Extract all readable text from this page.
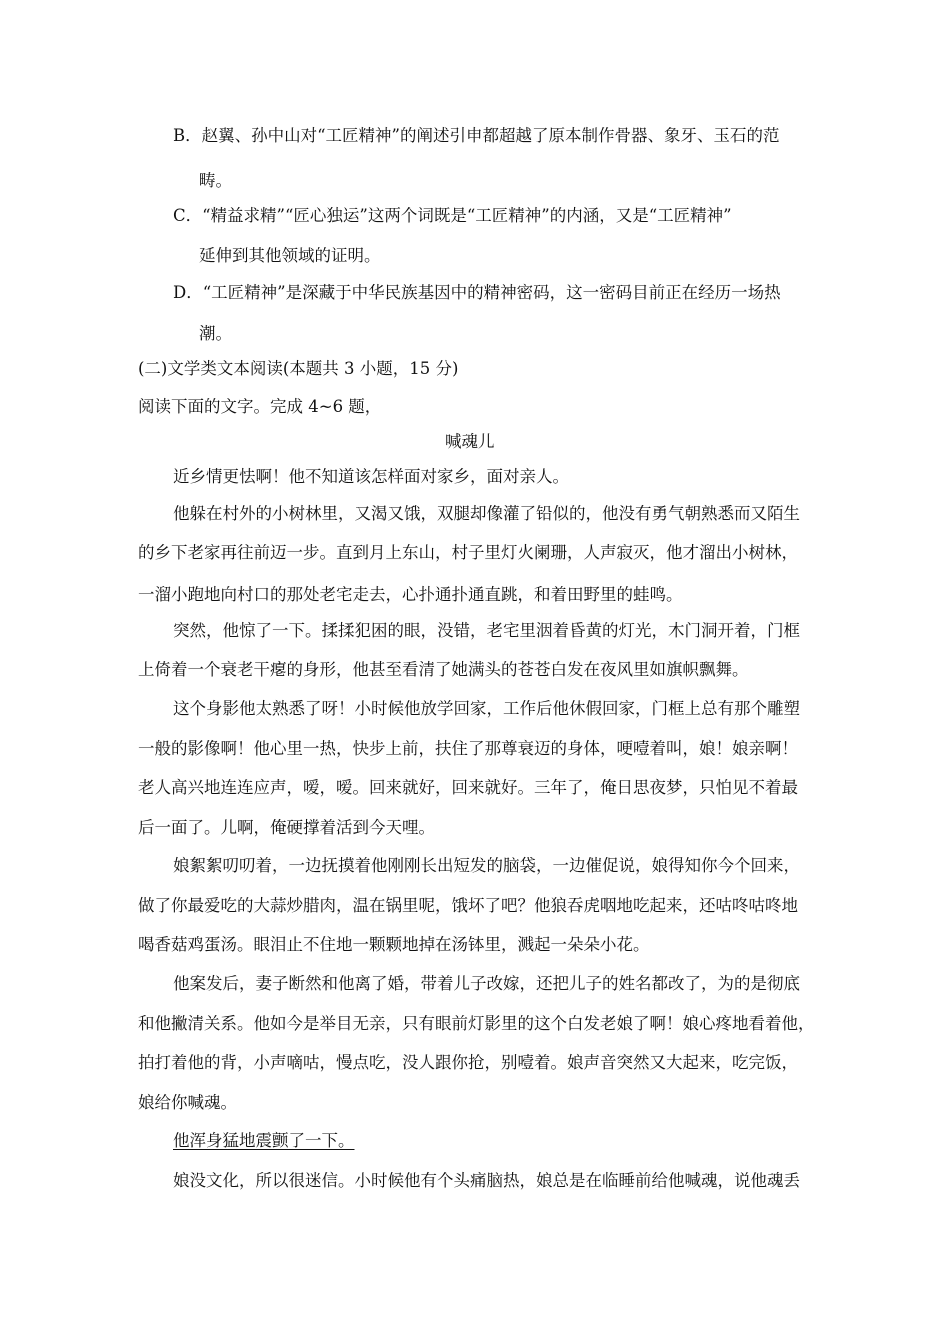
B．赵翼、孙中山对“工匠精神”的阐述引申都超越了原本制作骨器、象牙、玉石的范
畴。
C．“精益求精”“匠心独运”这两个词既是“工匠精神”的内涵，又是“工匠精神”
延伸到其他领域的证明。
D．“工匠精神”是深藏于中华民族基因中的精神密码，这一密码目前正在经历一场热
潮。
(二)文学类文本阅读(本题共 3 小题，15 分)
阅读下面的文字。完成 4~6 题，
喊魂儿
近乡情更怯啊！他不知道该怎样面对家乡，面对亲人。
他躲在村外的小树林里，又渴又饿，双腿却像灌了铅似的，他没有勇气朝熟悉而又陌生
的乡下老家再往前迈一步。直到月上东山，村子里灯火阑珊，人声寂灭，他才溜出小树林，
一溜小跑地向村口的那处老宅走去，心扑通扑通直跳，和着田野里的蛙鸣。
突然，他惊了一下。揉揉犯困的眼，没错，老宅里洇着昏黄的灯光，木门洞开着，门框
上倚着一个衰老干瘪的身形，他甚至看清了她满头的苍苍白发在夜风里如旗帜飘舞。
这个身影他太熟悉了呀！小时候他放学回家，工作后他休假回家，门框上总有那个雕塑
一般的影像啊！他心里一热，快步上前，扶住了那尊衰迈的身体，哽噎着叫，娘！娘亲啊！
老人高兴地连连应声，嗳，嗳。回来就好，回来就好。三年了，俺日思夜梦，只怕见不着最
后一面了。儿啊，俺硬撑着活到今天哩。
娘絮絮叨叨着，一边抚摸着他刚刚长出短发的脑袋，一边催促说，娘得知你今个回来，
做了你最爱吃的大蒜炒腊肉，温在锅里呢，饿坏了吧？他狼吞虎咽地吃起来，还咕咚咕咚地
喝香菇鸡蛋汤。眼泪止不住地一颗颗地掉在汤钵里，溅起一朵朵小花。
他案发后，妻子断然和他离了婚，带着儿子改嫁，还把儿子的姓名都改了，为的是彻底
和他撇清关系。他如今是举目无亲，只有眼前灯影里的这个白发老娘了啊！娘心疼地看着他，
拍打着他的背，小声嘀咕，慢点吃，没人跟你抢，别噎着。娘声音突然又大起来，吃完饭，
娘给你喊魂。
他浑身猛地震颤了一下。
娘没文化，所以很迷信。小时候他有个头痛脑热，娘总是在临睡前给他喊魂，说他魂丢
